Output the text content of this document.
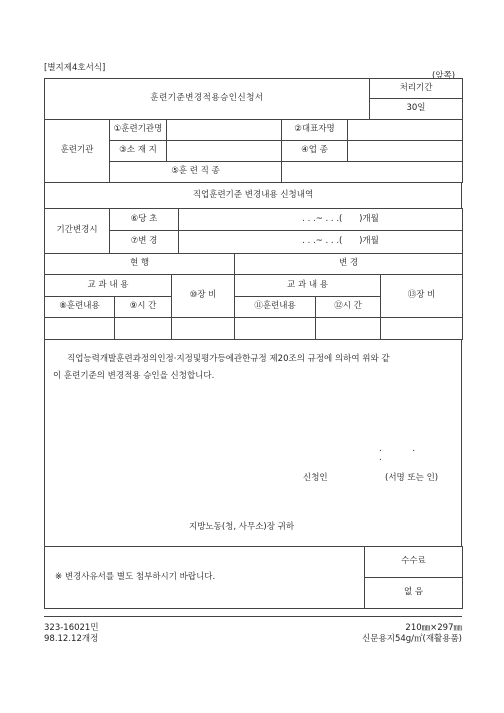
[별지제4호서식]
(앞쪽)
훈련기준변경적용승인신청서	처리기간
30일
훈련기관	①훈련기관명		②대표자명	
	③소 재 지		④업 종	
	⑤훈 련 직 종			
직업훈련기준 변경내용 신청내역
기간변경시	⑥당 초	. . .~ . . .( )개월
	⑦변 경	. . .~ . . .( )개월
현 행			변 경		
교 과 내 용		⑩장 비	교 과 내 용		⑬장 비
⑧훈련내용	⑨시 간		⑪훈련내용	⑫시 간	

직업능력개발훈련과정의인정·지정및평가등에관한규정 제20조의 규정에 의하여 위와 같
이 훈련기준의 변경적용 승인을 신청합니다.
. . .
신청인	(서명 또는 인)
지방노동(청, 사무소)장 귀하
※ 변경사유서를 별도 첨부하시기 바랍니다.	수수료
없 음
323-16021민
98.12.12개정
210㎜×297㎜
신문용지54g/㎡(재활용품)
